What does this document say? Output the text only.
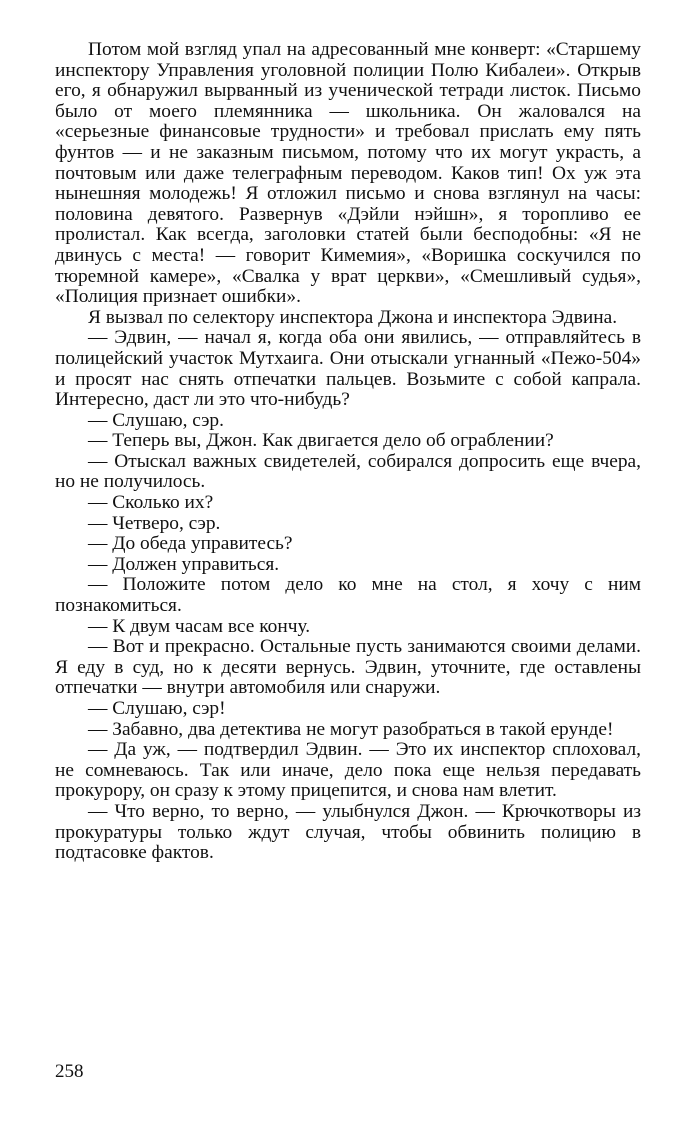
Потом мой взгляд упал на адресованный мне конверт: «Старшему инспектору Управления уголовной полиции Полю Кибалеи». Открыв его, я обнаружил вырванный из ученической тетради листок. Письмо было от моего племянника — школьника. Он жаловался на «серьезные финансовые трудности» и требовал прислать ему пять фунтов — и не заказным письмом, потому что их могут украсть, а почтовым или даже телеграфным переводом. Каков тип! Ох уж эта нынешняя молодежь! Я отложил письмо и снова взглянул на часы: половина девятого. Развернув «Дэйли нэйшн», я торопливо ее пролистал. Как всегда, заголовки статей были бесподобны: «Я не двинусь с места! — говорит Кимемия», «Воришка соскучился по тюремной камере», «Свалка у врат церкви», «Смешливый судья», «Полиция признает ошибки».

Я вызвал по селектору инспектора Джона и инспектора Эдвина.

— Эдвин, — начал я, когда оба они явились, — отправляйтесь в полицейский участок Мутхаига. Они отыскали угнанный «Пежо-504» и просят нас снять отпечатки пальцев. Возьмите с собой капрала. Интересно, даст ли это что-нибудь?

— Слушаю, сэр.

— Теперь вы, Джон. Как двигается дело об ограблении?

— Отыскал важных свидетелей, собирался допросить еще вчера, но не получилось.

— Сколько их?

— Четверо, сэр.

— До обеда управитесь?

— Должен управиться.

— Положите потом дело ко мне на стол, я хочу с ним познакомиться.

— К двум часам все кончу.

— Вот и прекрасно. Остальные пусть занимаются своими делами. Я еду в суд, но к десяти вернусь. Эдвин, уточните, где оставлены отпечатки — внутри автомобиля или снаружи.

— Слушаю, сэр!

— Забавно, два детектива не могут разобраться в такой ерунде!

— Да уж, — подтвердил Эдвин. — Это их инспектор сплоховал, не сомневаюсь. Так или иначе, дело пока еще нельзя передавать прокурору, он сразу к этому прицепится, и снова нам влетит.

— Что верно, то верно, — улыбнулся Джон. — Крючкотворы из прокуратуры только ждут случая, чтобы обвинить полицию в подтасовке фактов.

258
